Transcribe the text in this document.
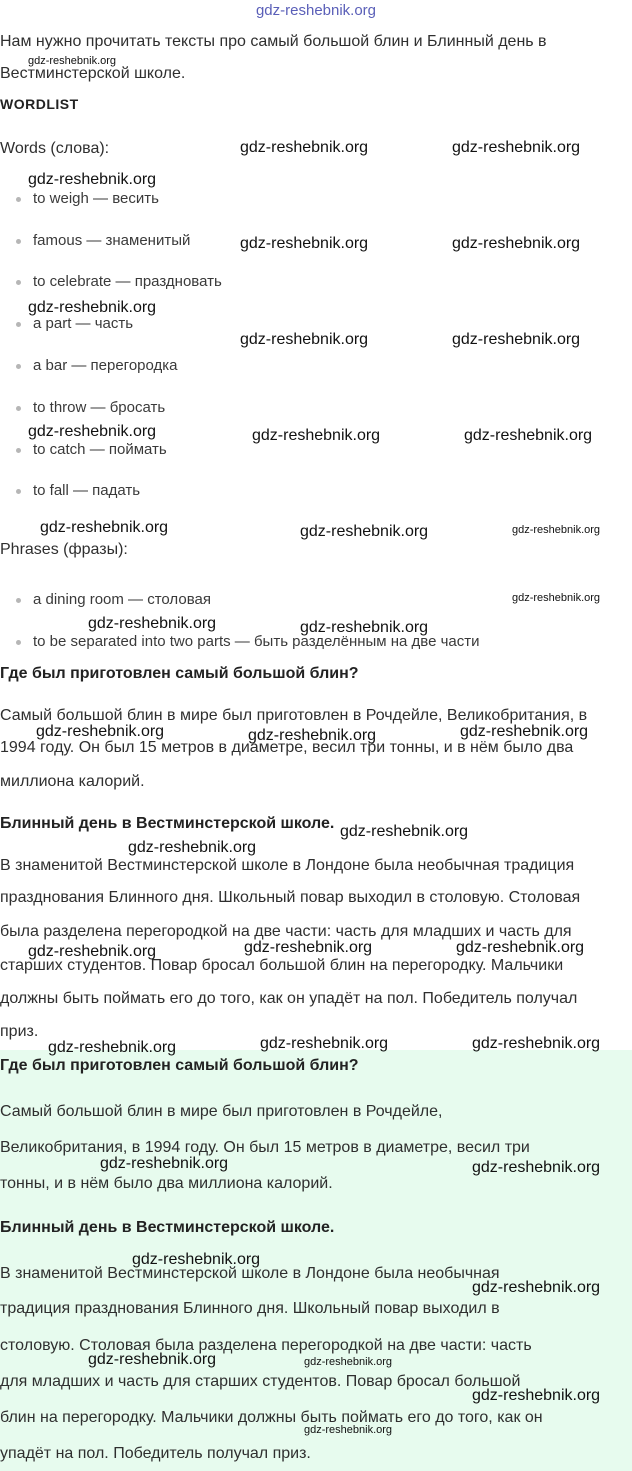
gdz-reshebnik.org
Нам нужно прочитать тексты про самый большой блин и Блинный день в
Вестминстерской школе.
WORDLIST
Words (слова):
to weigh — весить
famous — знаменитый
to celebrate — праздновать
a part — часть
a bar — перегородка
to throw — бросать
to catch — поймать
to fall — падать
Phrases (фразы):
a dining room — столовая
to be separated into two parts — быть разделённым на две части
Где был приготовлен самый большой блин?
Самый большой блин в мире был приготовлен в Рочдейле, Великобритания, в
1994 году. Он был 15 метров в диаметре, весил три тонны, и в нём было два
миллиона калорий.
Блинный день в Вестминстерской школе.
В знаменитой Вестминстерской школе в Лондоне была необычная традиция
празднования Блинного дня. Школьный повар выходил в столовую. Столовая
была разделена перегородкой на две части: часть для младших и часть для
старших студентов. Повар бросал большой блин на перегородку. Мальчики
должны быть поймать его до того, как он упадёт на пол. Победитель получал
приз.
Где был приготовлен самый большой блин?
Самый большой блин в мире был приготовлен в Рочдейле,
Великобритания, в 1994 году. Он был 15 метров в диаметре, весил три
тонны, и в нём было два миллиона калорий.
Блинный день в Вестминстерской школе.
В знаменитой Вестминстерской школе в Лондоне была необычная
традиция празднования Блинного дня. Школьный повар выходил в
столовую. Столовая была разделена перегородкой на две части: часть
для младших и часть для старших студентов. Повар бросал большой
блин на перегородку. Мальчики должны быть поймать его до того, как он
упадёт на пол. Победитель получал приз.
gdz-reshebnik.org
gdz-reshebnik.org	gdz-reshebnik.org
gdz-reshebnik.org
gdz-reshebnik.org	gdz-reshebnik.org
gdz-reshebnik.org
gdz-reshebnik.org	gdz-reshebnik.org
gdz-reshebnik.org	gdz-reshebnik.org	gdz-reshebnik.org
gdz-reshebnik.org	gdz-reshebnik.org	gdz-reshebnik.org
gdz-reshebnik.org
gdz-reshebnik.org	gdz-reshebnik.org
gdz-reshebnik.org	gdz-reshebnik.org	gdz-reshebnik.org
gdz-reshebnik.org
gdz-reshebnik.org
gdz-reshebnik.org	gdz-reshebnik.org	gdz-reshebnik.org
gdz-reshebnik.org	gdz-reshebnik.org	gdz-reshebnik.org
gdz-reshebnik.org	gdz-reshebnik.org
gdz-reshebnik.org
gdz-reshebnik.org
gdz-reshebnik.org	gdz-reshebnik.org
gdz-reshebnik.org
gdz-reshebnik.org
